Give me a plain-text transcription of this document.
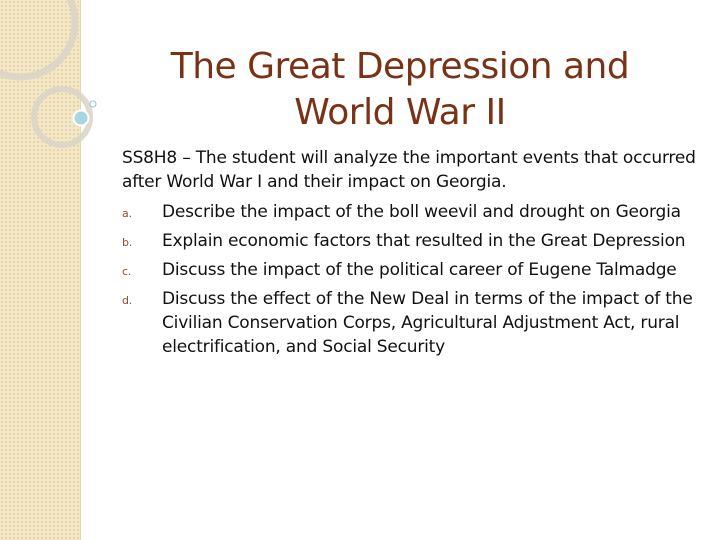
The Great Depression and World War II

SS8H8 – The student will analyze the important events that occurred after World War I and their impact on Georgia.

a. Describe the impact of the boll weevil and drought on Georgia
b. Explain economic factors that resulted in the Great Depression
c. Discuss the impact of the political career of Eugene Talmadge
d. Discuss the effect of the New Deal in terms of the impact of the Civilian Conservation Corps, Agricultural Adjustment Act, rural electrification, and Social Security
